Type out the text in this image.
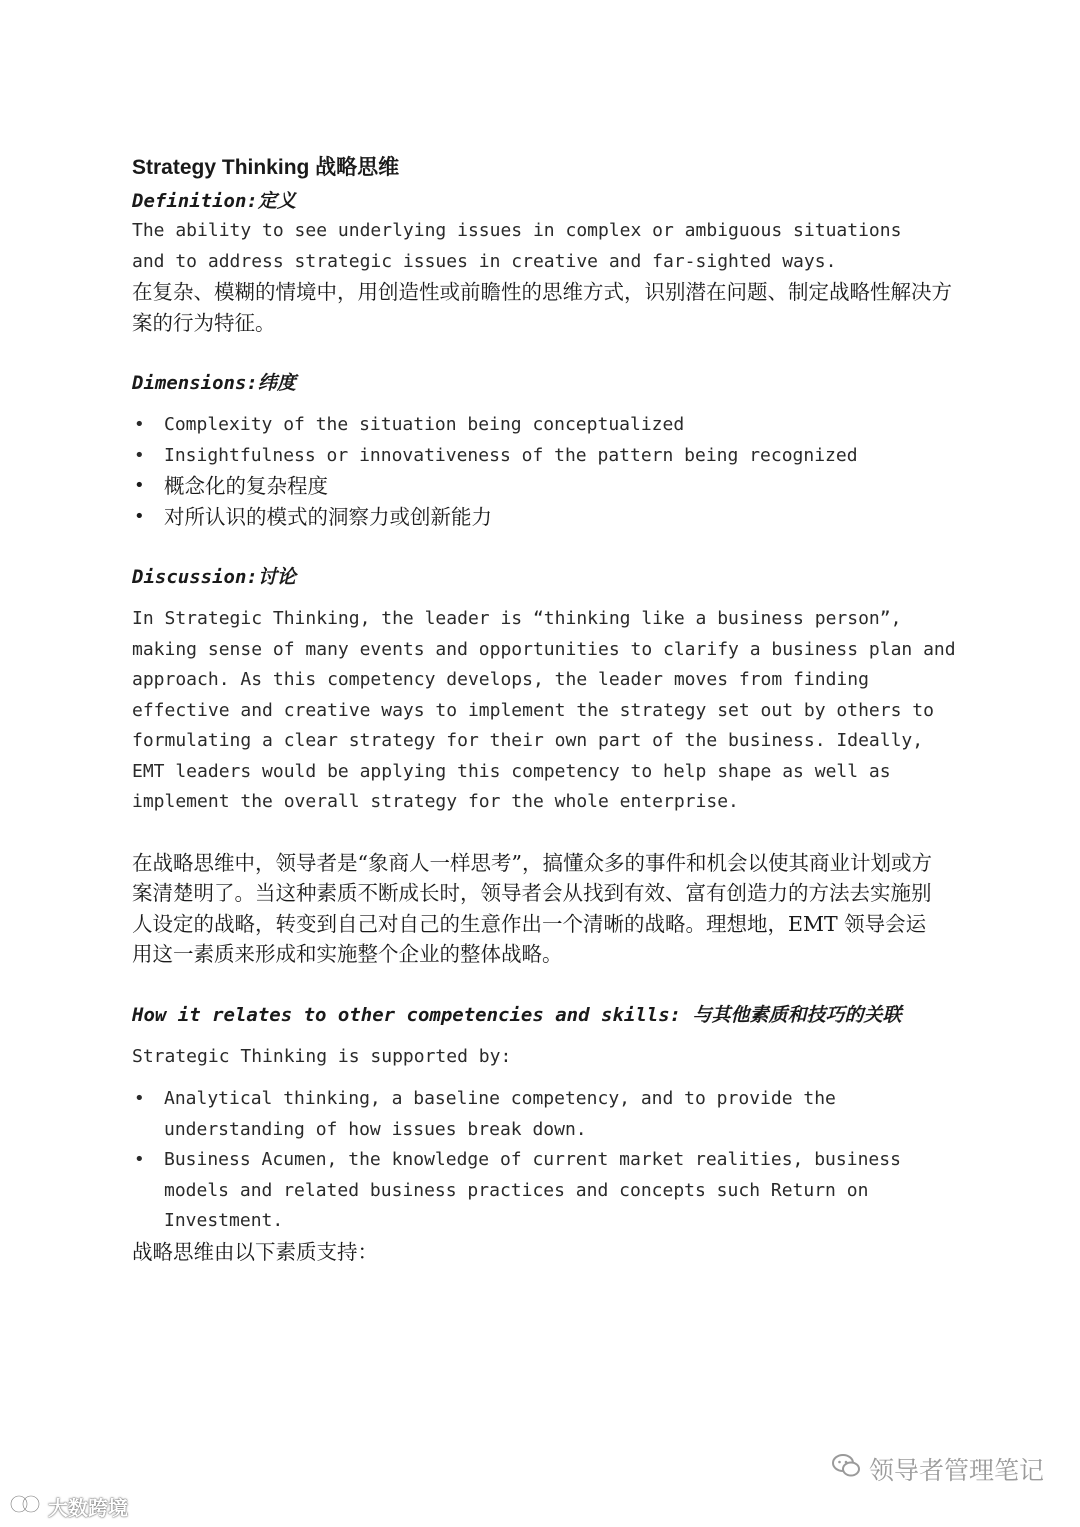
Strategy Thinking 战略思维
Definition:定义

The ability to see underlying issues in complex or ambiguous situations and to address strategic issues in creative and far-sighted ways.

在复杂、模糊的情境中，用创造性或前瞻性的思维方式，识别潜在问题、制定战略性解决方案的行为特征。

Dimensions:纬度
• Complexity of the situation being conceptualized
• Insightfulness or innovativeness of the pattern being recognized
• 概念化的复杂程度
• 对所认识的模式的洞察力或创新能力
Discussion:讨论

In Strategic Thinking, the leader is “thinking like a business person”, making sense of many events and opportunities to clarify a business plan and approach. As this competency develops, the leader moves from finding effective and creative ways to implement the strategy set out by others to formulating a clear strategy for their own part of the business. Ideally, EMT leaders would be applying this competency to help shape as well as implement the overall strategy for the whole enterprise.

在战略思维中，领导者是“象商人一样思考”，搞懂众多的事件和机会以使其商业计划或方案清楚明了。当这种素质不断成长时，领导者会从找到有效、富有创造力的方法去实施别人设定的战略，转变到自己对自己的生意作出一个清晰的战略。理想地，EMT 领导会运用这一素质来形成和实施整个企业的整体战略。

How it relates to other competencies and skills: 与其他素质和技巧的关联

Strategic Thinking is supported by:

• Analytical thinking, a baseline competency, and to provide the understanding of how issues break down.
• Business Acumen, the knowledge of current market realities, business models and related business practices and concepts such Return on Investment.

战略思维由以下素质支持：

领导者管理笔记
大数跨境
